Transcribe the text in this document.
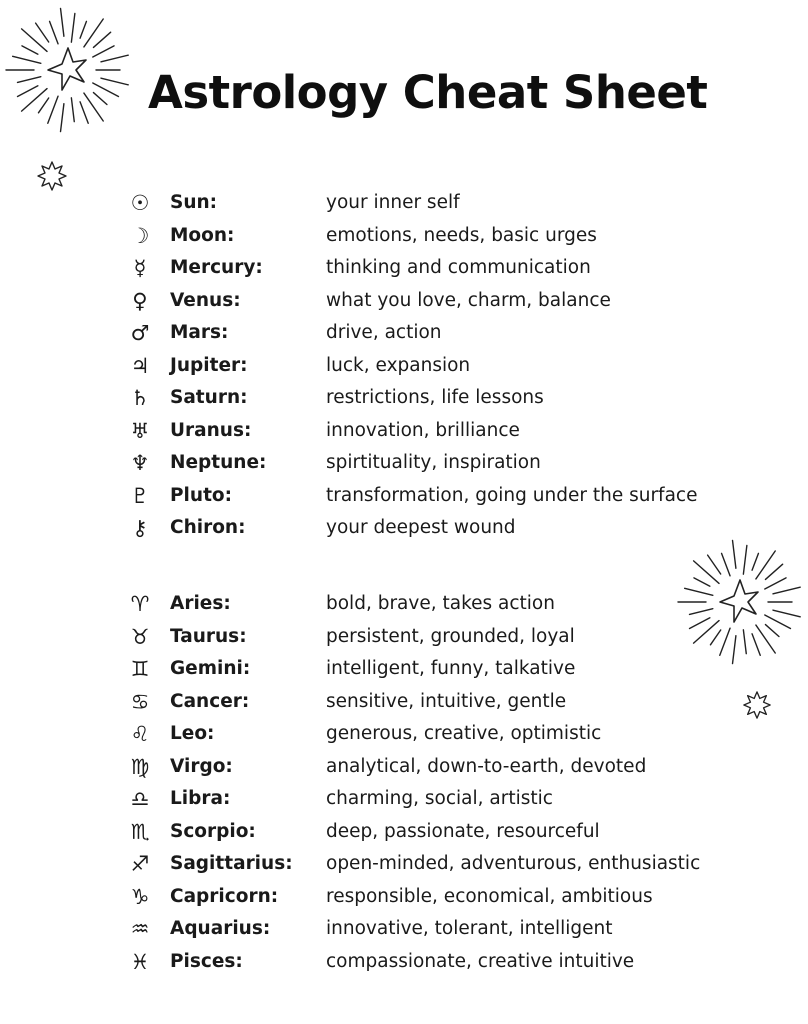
Astrology Cheat Sheet
☉ Sun:	your inner self
☽ Moon:	emotions, needs, basic urges
☿	Mercury:	thinking and communication
♀	Venus:	what you love, charm, balance
♂ Mars:	drive, action
♃ Jupiter:	luck, expansion
♄ Saturn:	restrictions, life lessons
♅ Uranus:	innovation, brilliance
♆ Neptune:	spirtituality, inspiration
♇ Pluto:	transformation, going under the surface
⚷	Chiron:	your deepest wound
♈ Aries:	bold, brave, takes action
♉ Taurus:	persistent, grounded, loyal
♊ Gemini:	intelligent, funny, talkative
♋ Cancer:	sensitive, intuitive, gentle
♌ Leo:	generous, creative, optimistic
♍ Virgo:	analytical, down-to-earth, devoted
♎ Libra:	charming, social, artistic
♏ Scorpio:	deep, passionate, resourceful
♐ Sagittarius: open-minded, adventurous, enthusiastic
♑ Capricorn:	responsible, economical, ambitious
♒ Aquarius:	innovative, tolerant, intelligent
♓ Pisces:	compassionate, creative intuitive
